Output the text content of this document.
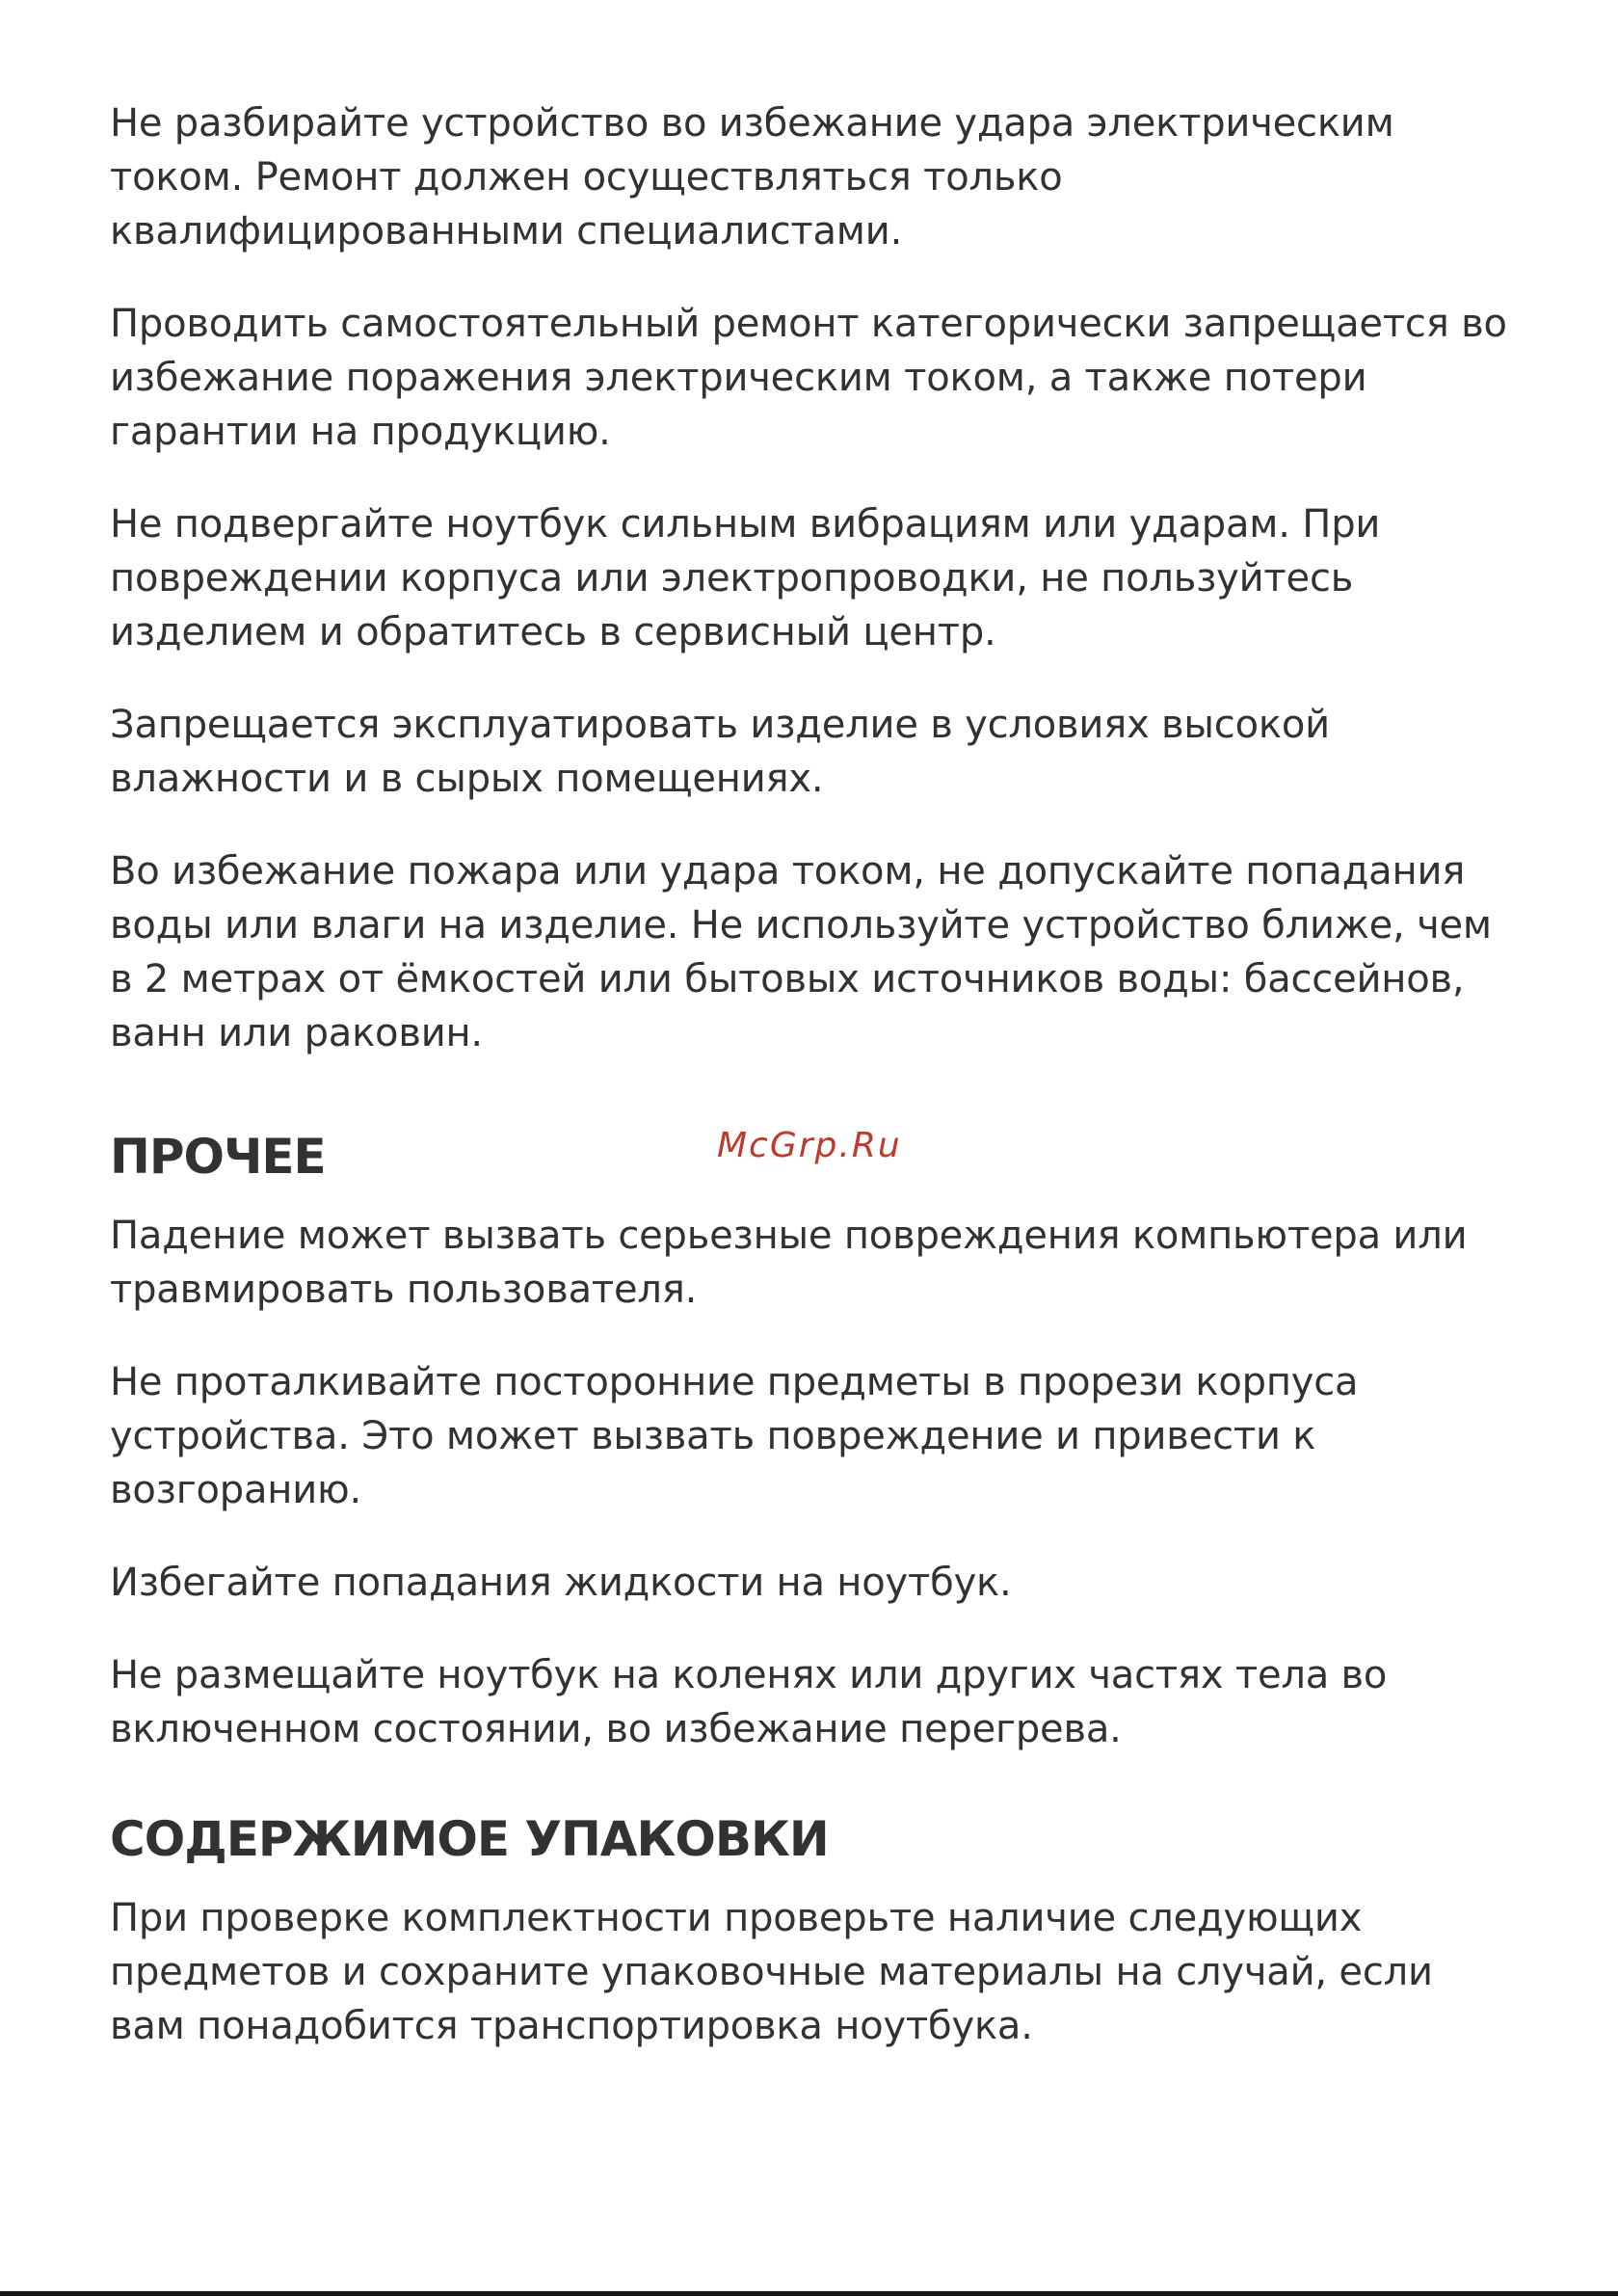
Не разбирайте устройство во избежание удара электрическим током. Ремонт должен осуществляться только квалифицированными специалистами.

Проводить самостоятельный ремонт категорически запрещается во избежание поражения электрическим током, а также потери гарантии на продукцию.

Не подвергайте ноутбук сильным вибрациям или ударам. При повреждении корпуса или электропроводки, не пользуйтесь изделием и обратитесь в сервисный центр.

Запрещается эксплуатировать изделие в условиях высокой влажности и в сырых помещениях.

Во избежание пожара или удара током, не допускайте попадания воды или влаги на изделие. Не используйте устройство ближе, чем в 2 метрах от ёмкостей или бытовых источников воды: бассейнов, ванн или раковин.

ПРОЧЕЕ

Падение может вызвать серьезные повреждения компьютера или травмировать пользователя.

Не проталкивайте посторонние предметы в прорези корпуса устройства. Это может вызвать повреждение и привести к возгоранию.

Избегайте попадания жидкости на ноутбук.

Не размещайте ноутбук на коленях или других частях тела во включенном состоянии, во избежание перегрева.

СОДЕРЖИМОЕ УПАКОВКИ

При проверке комплектности проверьте наличие следующих предметов и сохраните упаковочные материалы на случай, если вам понадобится транспортировка ноутбука.

McGrp.Ru
